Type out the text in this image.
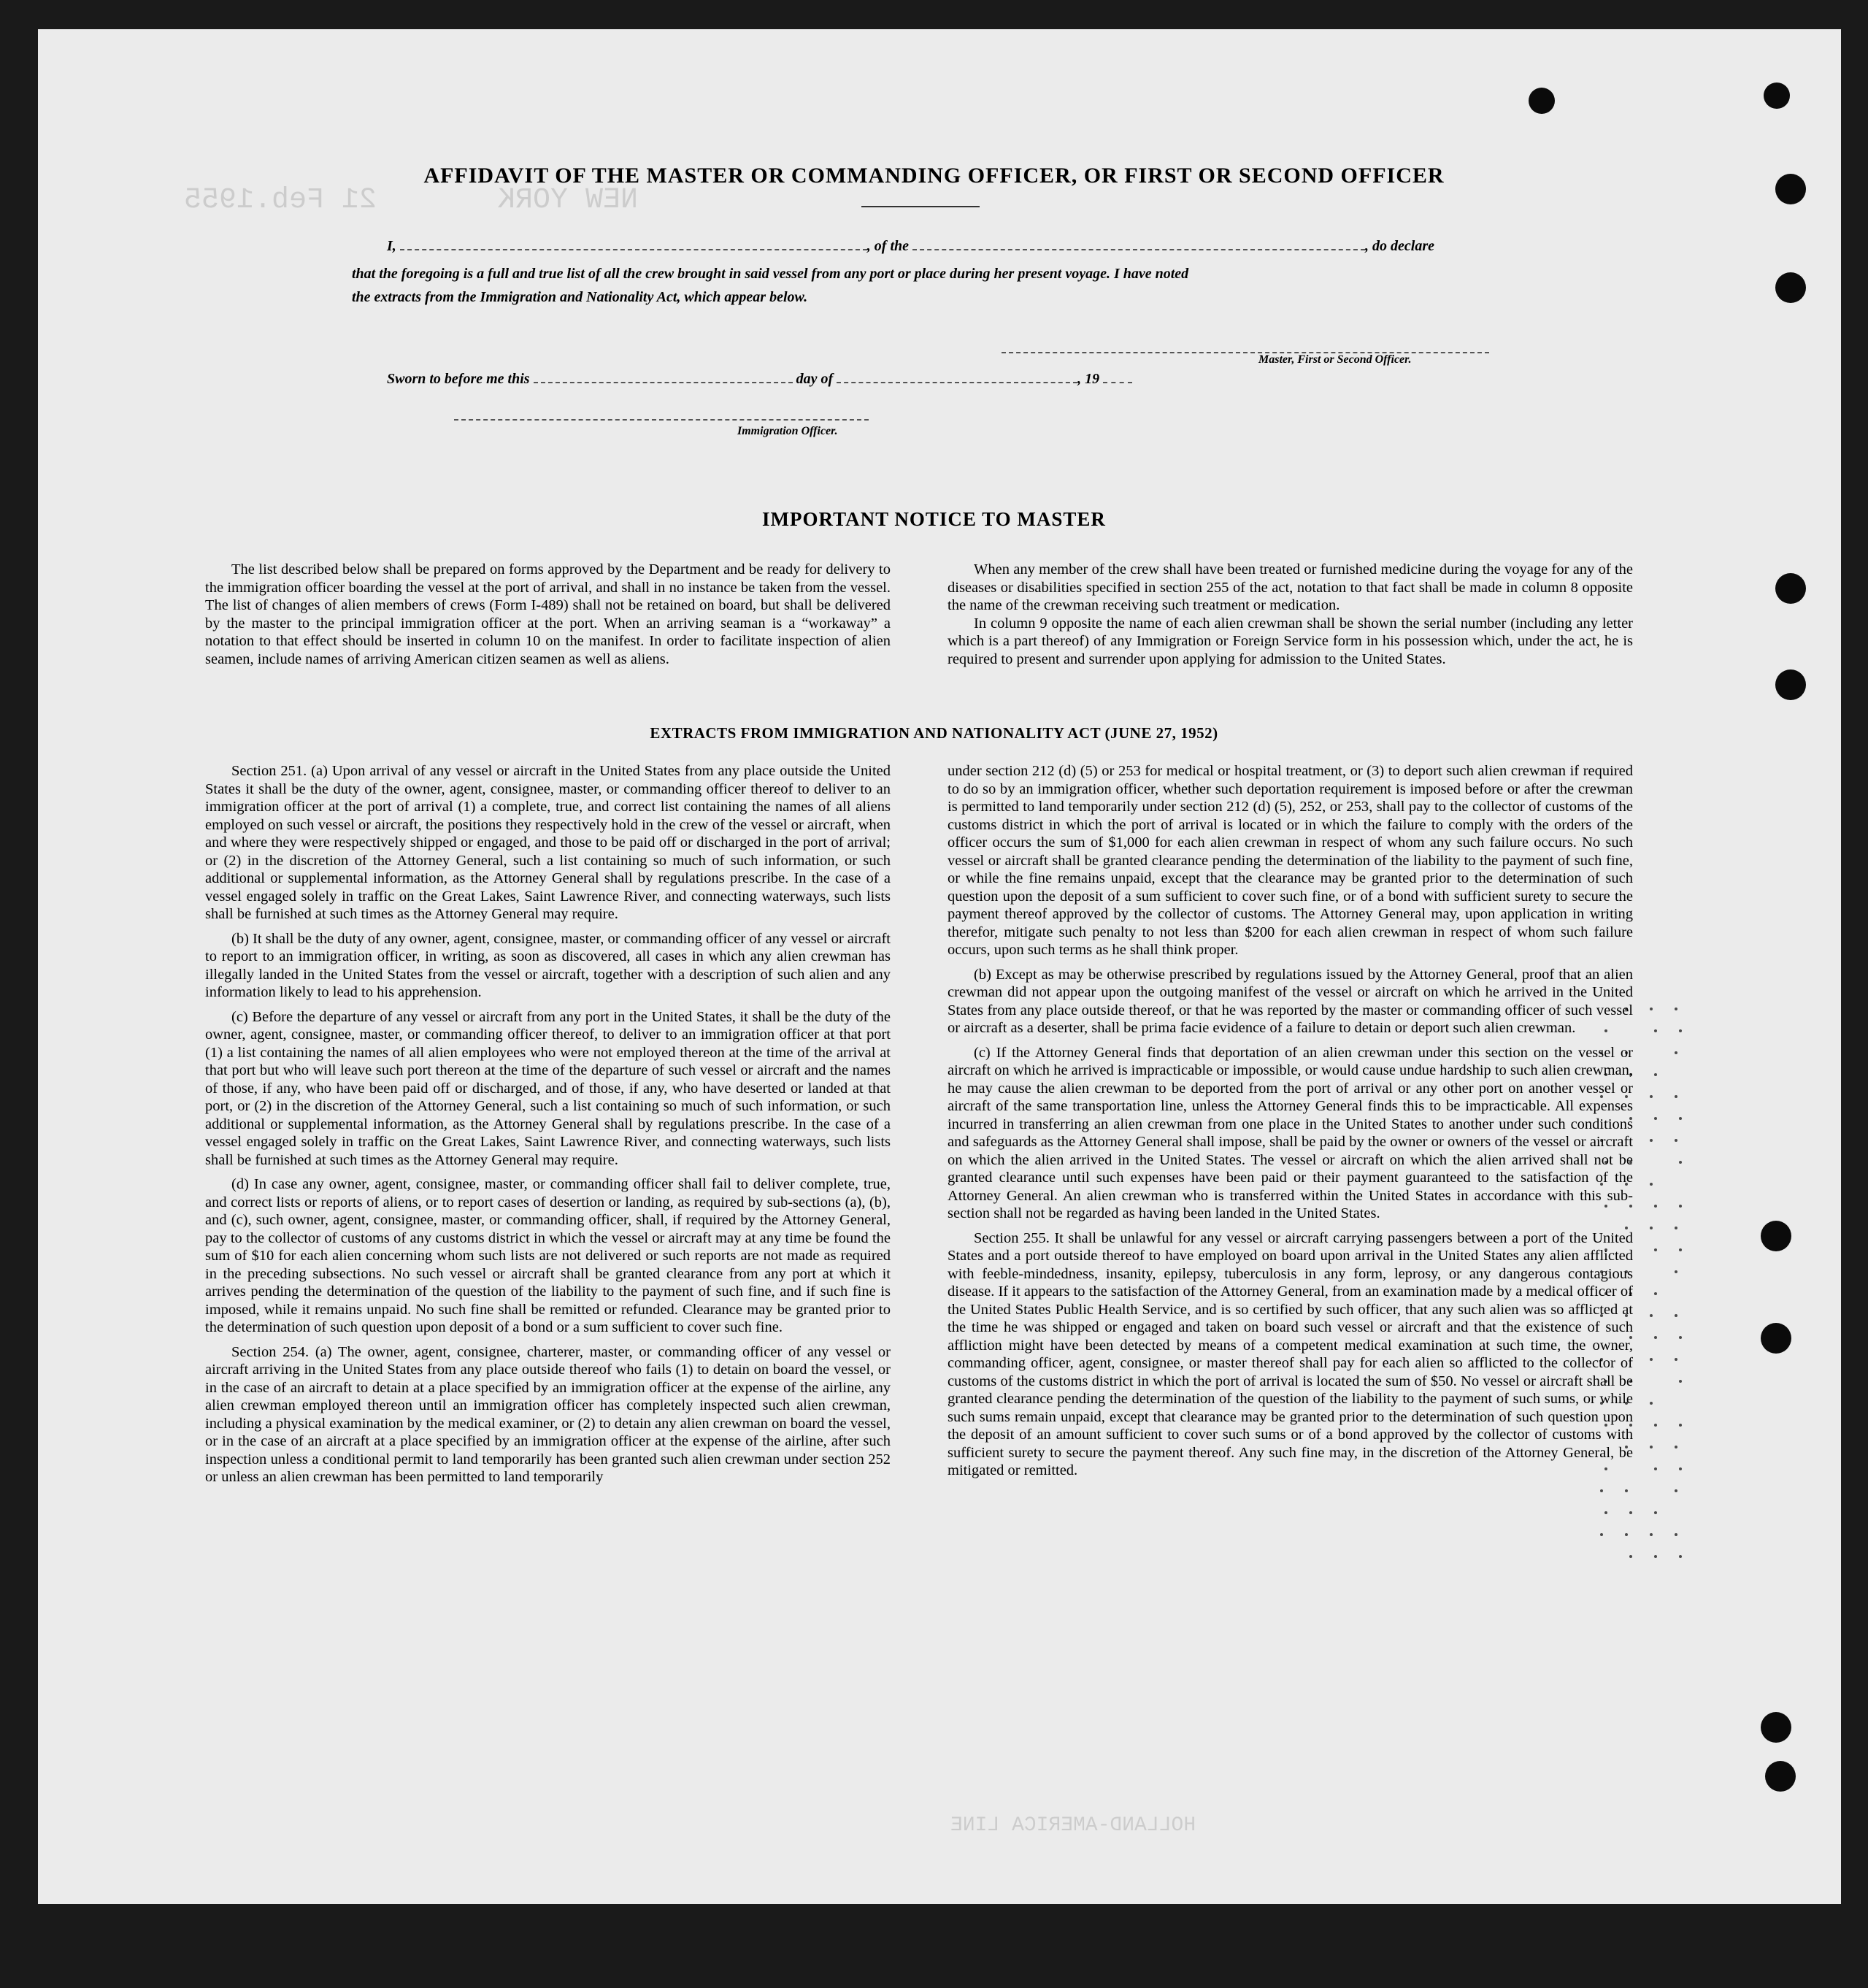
21 Feb.1955	NEW YORK
HOLLAND-AMERICA LINE
AFFIDAVIT OF THE MASTER OR COMMANDING OFFICER, OR FIRST OR SECOND OFFICER
I,	, of the	, do declare
that the foregoing is a full and true list of all the crew brought in said vessel from any port or place during her present voyage. I have noted
the extracts from the Immigration and Nationality Act, which appear below.
Master, First or Second Officer.
Sworn to before me this	day of	, 19
Immigration Officer.
IMPORTANT NOTICE TO MASTER

The list described below shall be prepared on forms approved by the Department and be ready for delivery to the immigration officer boarding the vessel at the port of arrival, and shall in no instance be taken from the vessel. The list of changes of alien members of crews (Form I-489) shall not be retained on board, but shall be delivered by the master to the principal immigration officer at the port. When an arriving seaman is a “workaway” a notation to that effect should be inserted in column 10 on the manifest. In order to facilitate inspection of alien seamen, include names of arriving American citizen seamen as well as aliens.

When any member of the crew shall have been treated or furnished medicine during the voyage for any of the diseases or disabilities specified in section 255 of the act, notation to that fact shall be made in column 8 opposite the name of the crewman receiving such treatment or medication.

In column 9 opposite the name of each alien crewman shall be shown the serial number (including any letter which is a part thereof) of any Immigration or Foreign Service form in his possession which, under the act, he is required to present and surrender upon applying for admission to the United States.

EXTRACTS FROM IMMIGRATION AND NATIONALITY ACT (JUNE 27, 1952)

Section 251. (a) Upon arrival of any vessel or aircraft in the United States from any place outside the United States it shall be the duty of the owner, agent, consignee, master, or commanding officer thereof to deliver to an immigration officer at the port of arrival (1) a complete, true, and correct list containing the names of all aliens employed on such vessel or aircraft, the positions they respectively hold in the crew of the vessel or aircraft, when and where they were respectively shipped or engaged, and those to be paid off or discharged in the port of arrival; or (2) in the discretion of the Attorney General, such a list containing so much of such information, or such additional or supplemental information, as the Attorney General shall by regulations prescribe. In the case of a vessel engaged solely in traffic on the Great Lakes, Saint Lawrence River, and connecting waterways, such lists shall be furnished at such times as the Attorney General may require.

(b) It shall be the duty of any owner, agent, consignee, master, or commanding officer of any vessel or aircraft to report to an immigration officer, in writing, as soon as discovered, all cases in which any alien crewman has illegally landed in the United States from the vessel or aircraft, together with a description of such alien and any information likely to lead to his apprehension.

(c) Before the departure of any vessel or aircraft from any port in the United States, it shall be the duty of the owner, agent, consignee, master, or commanding officer thereof, to deliver to an immigration officer at that port (1) a list containing the names of all alien employees who were not employed thereon at the time of the arrival at that port but who will leave such port thereon at the time of the departure of such vessel or aircraft and the names of those, if any, who have been paid off or discharged, and of those, if any, who have deserted or landed at that port, or (2) in the discretion of the Attorney General, such a list containing so much of such information, or such additional or supplemental information, as the Attorney General shall by regulations prescribe. In the case of a vessel engaged solely in traffic on the Great Lakes, Saint Lawrence River, and connecting waterways, such lists shall be furnished at such times as the Attorney General may require.

(d) In case any owner, agent, consignee, master, or commanding officer shall fail to deliver complete, true, and correct lists or reports of aliens, or to report cases of desertion or landing, as required by sub-sections (a), (b), and (c), such owner, agent, consignee, master, or commanding officer, shall, if required by the Attorney General, pay to the collector of customs of any customs district in which the vessel or aircraft may at any time be found the sum of $10 for each alien concerning whom such lists are not delivered or such reports are not made as required in the preceding subsections. No such vessel or aircraft shall be granted clearance from any port at which it arrives pending the determination of the question of the liability to the payment of such fine, and if such fine is imposed, while it remains unpaid. No such fine shall be remitted or refunded. Clearance may be granted prior to the determination of such question upon deposit of a bond or a sum sufficient to cover such fine.

Section 254. (a) The owner, agent, consignee, charterer, master, or commanding officer of any vessel or aircraft arriving in the United States from any place outside thereof who fails (1) to detain on board the vessel, or in the case of an aircraft to detain at a place specified by an immigration officer at the expense of the airline, any alien crewman employed thereon until an immigration officer has completely inspected such alien crewman, including a physical examination by the medical examiner, or (2) to detain any alien crewman on board the vessel, or in the case of an aircraft at a place specified by an immigration officer at the expense of the airline, after such inspection unless a conditional permit to land temporarily has been granted such alien crewman under section 252 or unless an alien crewman has been permitted to land temporarily

under section 212 (d) (5) or 253 for medical or hospital treatment, or (3) to deport such alien crewman if required to do so by an immigration officer, whether such deportation requirement is imposed before or after the crewman is permitted to land temporarily under section 212 (d) (5), 252, or 253, shall pay to the collector of customs of the customs district in which the port of arrival is located or in which the failure to comply with the orders of the officer occurs the sum of $1,000 for each alien crewman in respect of whom any such failure occurs. No such vessel or aircraft shall be granted clearance pending the determination of the liability to the payment of such fine, or while the fine remains unpaid, except that the clearance may be granted prior to the determination of such question upon the deposit of a sum sufficient to cover such fine, or of a bond with sufficient surety to secure the payment thereof approved by the collector of customs. The Attorney General may, upon application in writing therefor, mitigate such penalty to not less than $200 for each alien crewman in respect of whom such failure occurs, upon such terms as he shall think proper.

(b) Except as may be otherwise prescribed by regulations issued by the Attorney General, proof that an alien crewman did not appear upon the outgoing manifest of the vessel or aircraft on which he arrived in the United States from any place outside thereof, or that he was reported by the master or commanding officer of such vessel or aircraft as a deserter, shall be prima facie evidence of a failure to detain or deport such alien crewman.

(c) If the Attorney General finds that deportation of an alien crewman under this section on the vessel or aircraft on which he arrived is impracticable or impossible, or would cause undue hardship to such alien crewman, he may cause the alien crewman to be deported from the port of arrival or any other port on another vessel or aircraft of the same transportation line, unless the Attorney General finds this to be impracticable. All expenses incurred in transferring an alien crewman from one place in the United States to another under such conditions and safeguards as the Attorney General shall impose, shall be paid by the owner or owners of the vessel or aircraft on which the alien arrived in the United States. The vessel or aircraft on which the alien arrived shall not be granted clearance until such expenses have been paid or their payment guaranteed to the satisfaction of the Attorney General. An alien crewman who is transferred within the United States in accordance with this sub-section shall not be regarded as having been landed in the United States.

Section 255. It shall be unlawful for any vessel or aircraft carrying passengers between a port of the United States and a port outside thereof to have employed on board upon arrival in the United States any alien afflicted with feeble-mindedness, insanity, epilepsy, tuberculosis in any form, leprosy, or any dangerous contagious disease. If it appears to the satisfaction of the Attorney General, from an examination made by a medical officer of the United States Public Health Service, and is so certified by such officer, that any such alien was so afflicted at the time he was shipped or engaged and taken on board such vessel or aircraft and that the existence of such affliction might have been detected by means of a competent medical examination at such time, the owner, commanding officer, agent, consignee, or master thereof shall pay for each alien so afflicted to the collector of customs of the customs district in which the port of arrival is located the sum of $50. No vessel or aircraft shall be granted clearance pending the determination of the question of the liability to the payment of such sums, or while such sums remain unpaid, except that clearance may be granted prior to the determination of such question upon the deposit of an amount sufficient to cover such sums or of a bond approved by the collector of customs with sufficient surety to secure the payment thereof. Any such fine may, in the discretion of the Attorney General, be mitigated or remitted.
